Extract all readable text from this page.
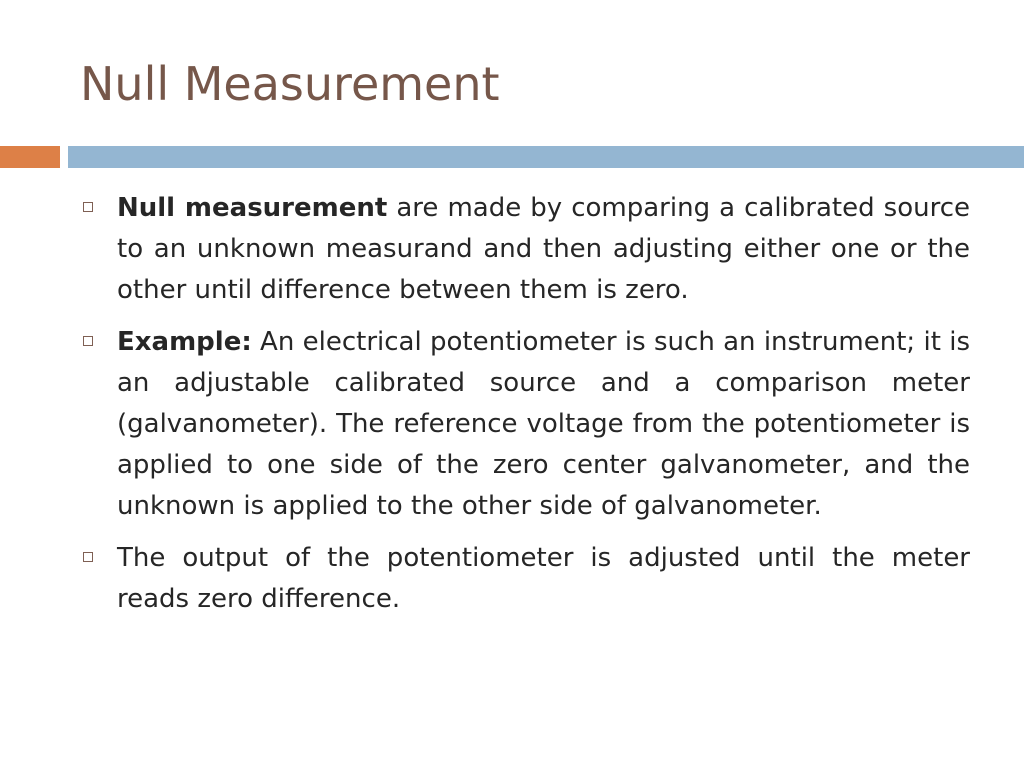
Null Measurement
Null measurement are made by comparing a calibrated source to an unknown measurand and then adjusting either one or the other until difference between them is zero.
Example: An electrical potentiometer is such an instrument; it is an adjustable calibrated source and a comparison meter (galvanometer). The reference voltage from the potentiometer is applied to one side of the zero center galvanometer, and the unknown is applied to the other side of galvanometer.
The output of the potentiometer is adjusted until the meter reads zero difference.
